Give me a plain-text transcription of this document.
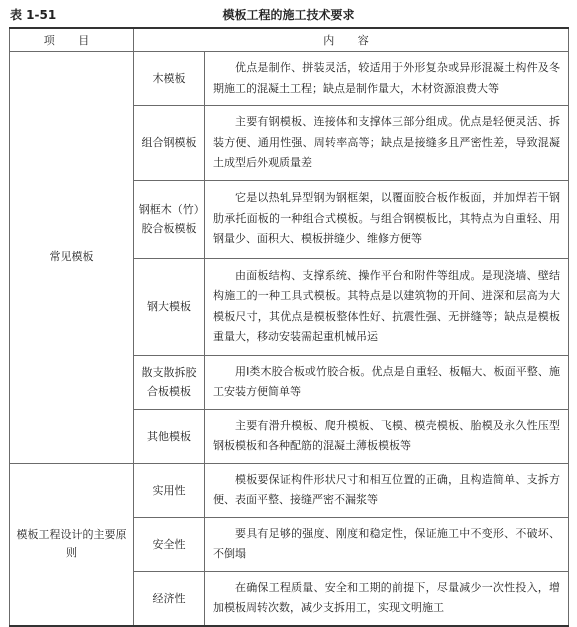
表 1-51	模板工程的施工技术要求
项 目	内 容	
常见模板	木模板	优点是制作、拼装灵活，较适用于外形复杂或异形混凝土构件及冬期施工的混凝土工程；缺点是制作量大，木材资源浪费大等
	组合钢模板	主要有钢模板、连接体和支撑体三部分组成。优点是轻便灵活、拆装方便、通用性强、周转率高等；缺点是接缝多且严密性差，导致混凝土成型后外观质量差
	钢框木（竹）胶合板模板	它是以热轧异型钢为钢框架，以覆面胶合板作板面，并加焊若干钢肋承托面板的一种组合式模板。与组合钢模板比，其特点为自重轻、用钢量少、面积大、模板拼缝少、维修方便等
	钢大模板	由面板结构、支撑系统、操作平台和附件等组成。是现浇墙、壁结构施工的一种工具式模板。其特点是以建筑物的开间、进深和层高为大模板尺寸，其优点是模板整体性好、抗震性强、无拼缝等；缺点是模板重量大，移动安装需起重机械吊运
	散支散拆胶合板模板	用Ⅰ类木胶合板或竹胶合板。优点是自重轻、板幅大、板面平整、施工安装方便简单等
	其他模板	主要有滑升模板、爬升模板、飞模、模壳模板、胎模及永久性压型钢板模板和各种配筋的混凝土薄板模板等
模板工程设计的主要原则	实用性	模板要保证构件形状尺寸和相互位置的正确，且构造简单、支拆方便、表面平整、接缝严密不漏浆等
	安全性	要具有足够的强度、刚度和稳定性，保证施工中不变形、不破坏、不倒塌
	经济性	在确保工程质量、安全和工期的前提下，尽量减少一次性投入，增加模板周转次数，减少支拆用工，实现文明施工
